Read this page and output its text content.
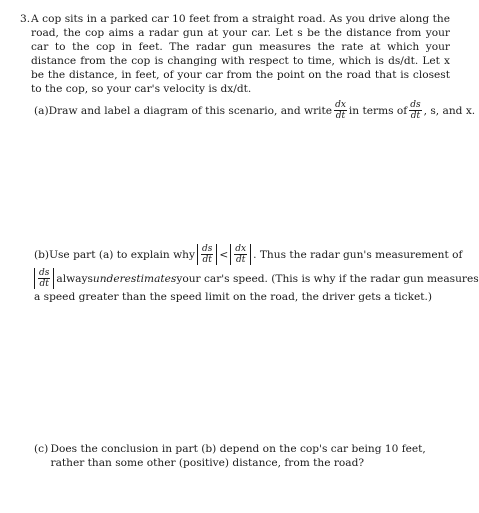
3. A cop sits in a parked car 10 feet from a straight road. As you drive along the road, the cop aims a radar gun at your car. Let s be the distance from your car to the cop in feet. The radar gun measures the rate at which your distance from the cop is changing with respect to time, which is ds/dt. Let x be the distance, in feet, of your car from the point on the road that is closest to the cop, so your car's velocity is dx/dt.

(a) Draw and label a diagram of this scenario, and write $\frac{dx}{dt}$ in terms of $\frac{ds}{dt}$ , s, and x.
(b) Use part (a) to explain why $\frac{ds}{dt} < \frac{dx}{dt}$ . Thus the radar gun's measurement of
$\frac{ds}{dt}$ always underestimates your car's speed. (This is why if the radar gun measures
a speed greater than the speed limit on the road, the driver gets a ticket.)
(c) Does the conclusion in part (b) depend on the cop's car being 10 feet, rather than some other (positive) distance, from the road?
